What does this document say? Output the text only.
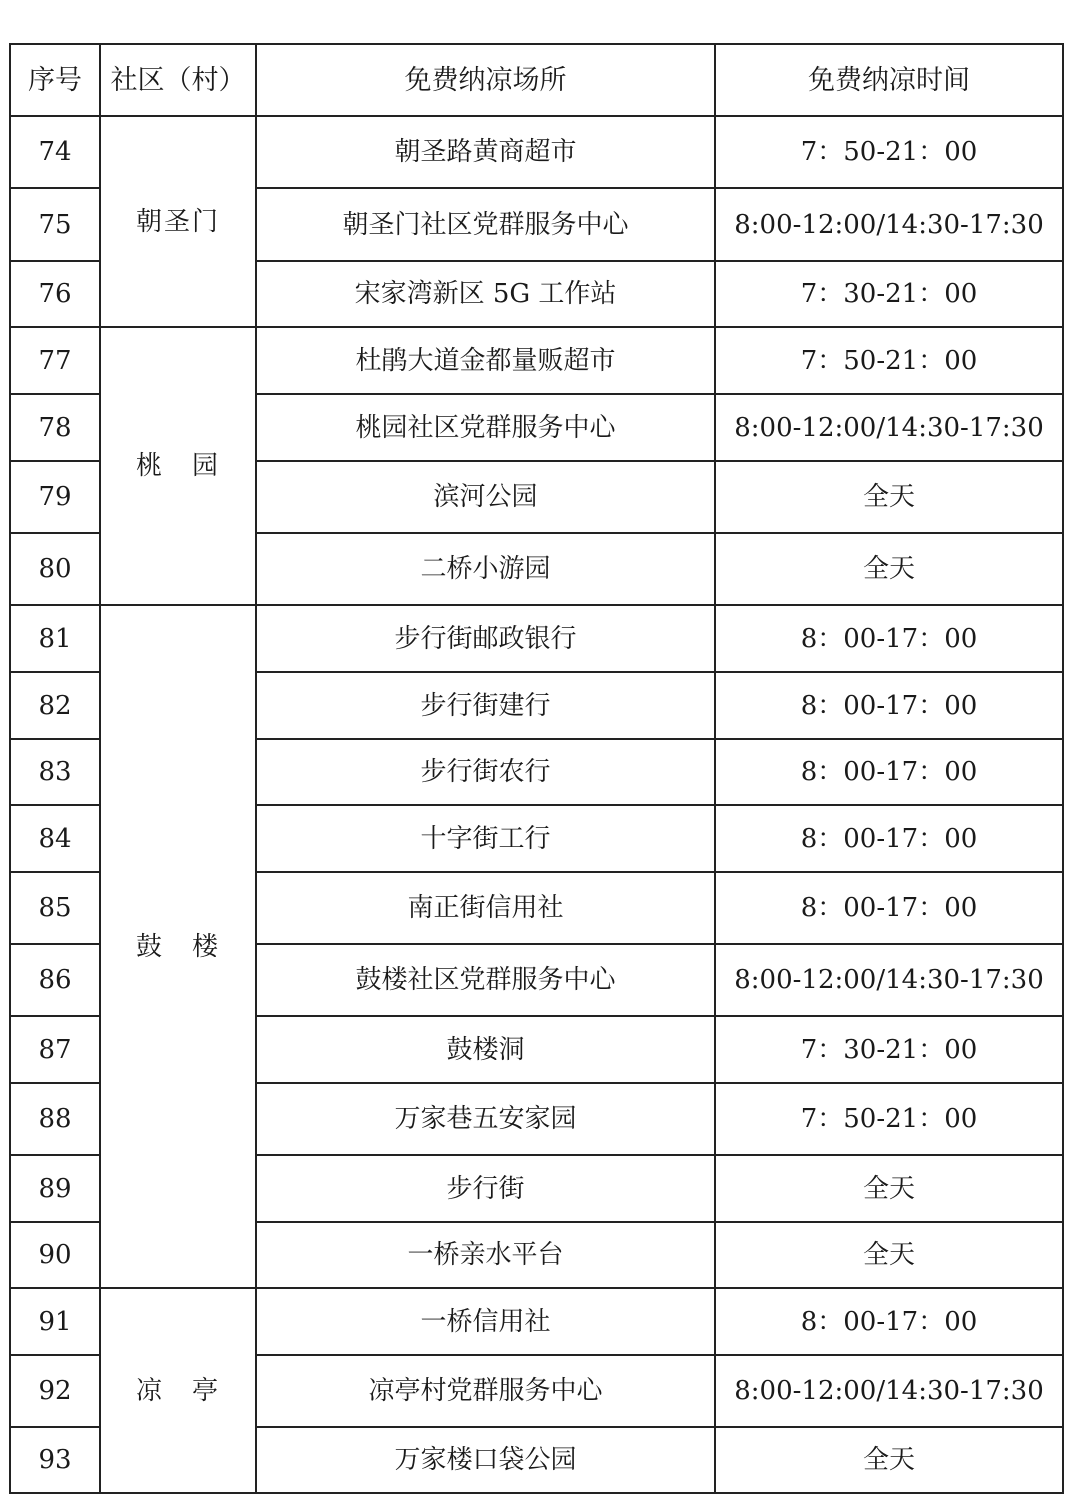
序号	社区（村）	免费纳凉场所	免费纳凉时间
74	朝圣门	朝圣路黄商超市	7：50-21：00
75		朝圣门社区党群服务中心	8:00-12:00/14:30-17:30
76		宋家湾新区 5G 工作站	7：30-21：00
77	桃　园	杜鹃大道金都量贩超市	7：50-21：00
78		桃园社区党群服务中心	8:00-12:00/14:30-17:30
79		滨河公园	全天
80		二桥小游园	全天
81	鼓　楼	步行街邮政银行	8：00-17：00
82		步行街建行	8：00-17：00
83		步行街农行	8：00-17：00
84		十字街工行	8：00-17：00
85		南正街信用社	8：00-17：00
86		鼓楼社区党群服务中心	8:00-12:00/14:30-17:30
87		鼓楼洞	7：30-21：00
88		万家巷五安家园	7：50-21：00
89		步行街	全天
90		一桥亲水平台	全天
91	凉　亭	一桥信用社	8：00-17：00
92		凉亭村党群服务中心	8:00-12:00/14:30-17:30
93		万家楼口袋公园	全天
